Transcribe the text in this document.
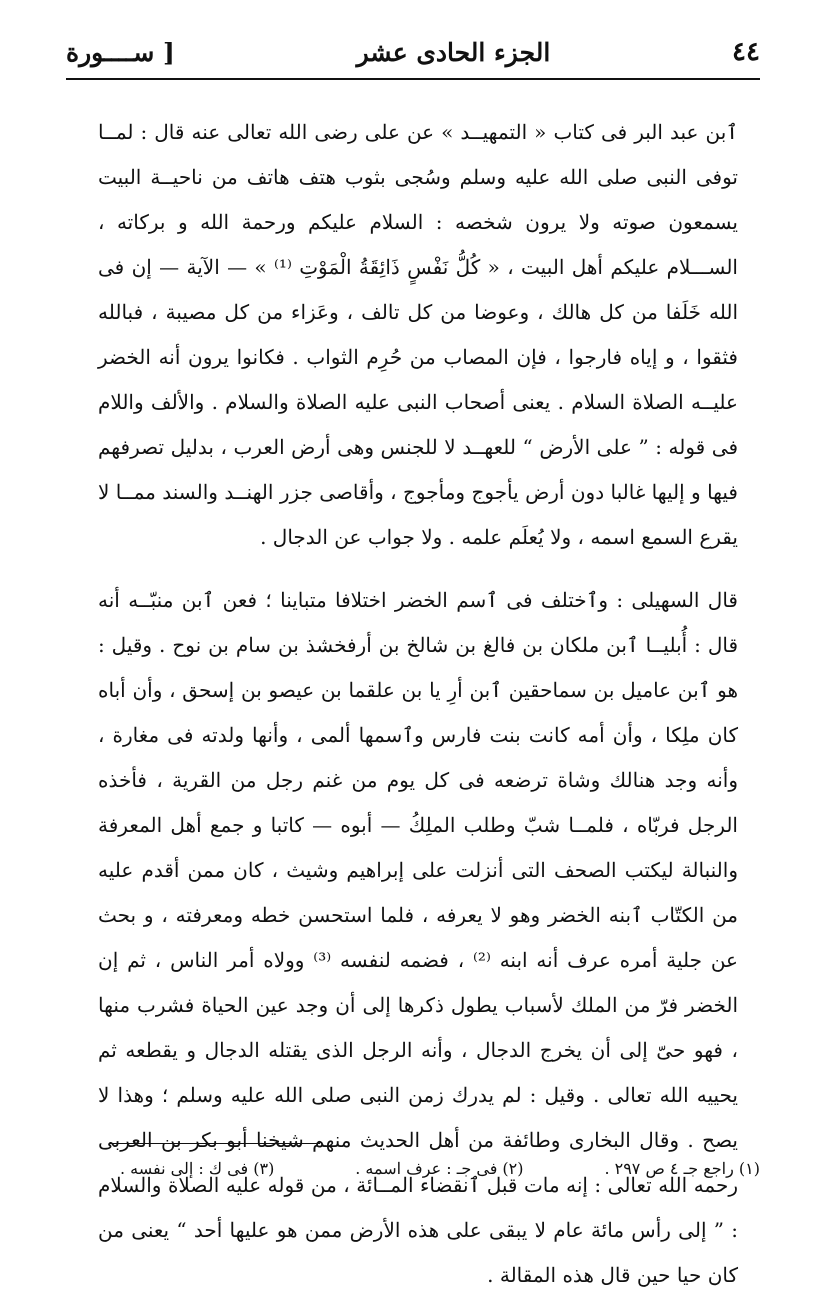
[ ســــورة	الجزء الحادى عشر	٤٤

ٱبن عبد البر فى كتاب « التمهيــد » عن على رضى الله تعالى عنه قال : لمــا توفى النبى صلى الله عليه وسلم وسُجى بثوب هتف هاتف من ناحيــة البيت يسمعون صوته ولا يرون شخصه : السلام عليكم ورحمة الله و بركاته ، الســـلام عليكم أهل البيت ، « كُلُّ نَفْسٍ ذَائِقَةُ الْمَوْتِ ⁽¹⁾ » — الآية — إن فى الله خَلَفا من كل هالك ، وعوضا من كل تالف ، وعَزاء من كل مصيبة ، فبالله فثقوا ، و إياه فارجوا ، فإن المصاب من حُرِم الثواب . فكانوا يرون أنه الخضر عليــه الصلاة السلام . يعنى أصحاب النبى عليه الصلاة والسلام . والألف واللام فى قوله : ” على الأرض “ للعهــد لا للجنس وهى أرض العرب ، بدليل تصرفهم فيها و إليها غالبا دون أرض يأجوج ومأجوج ، وأقاصى جزر الهنــد والسند ممــا لا يقرع السمع اسمه ، ولا يُعلَم علمه . ولا جواب عن الدجال .

قال السهيلى : وٱختلف فى ٱسم الخضر اختلافا متباينا ؛ فعن ٱبن منبّــه أنه قال : أُبليــا ٱبن ملكان بن فالغ بن شالخ بن أرفخشذ بن سام بن نوح . وقيل : هو ٱبن عاميل بن سماحقين ٱبن أرِ يا بن علقما بن عيصو بن إسحق ، وأن أباه كان ملِكا ، وأن أمه كانت بنت فارس وٱسمها ألمى ، وأنها ولدته فى مغارة ، وأنه وجد هنالك وشاة ترضعه فى كل يوم من غنم رجل من القرية ، فأخذه الرجل فربّاه ، فلمــا شبّ وطلب الملِكُ — أبوه — كاتبا و جمع أهل المعرفة والنبالة ليكتب الصحف التى أنزلت على إبراهيم وشيث ، كان ممن أقدم عليه من الكتّاب ٱبنه الخضر وهو لا يعرفه ، فلما استحسن خطه ومعرفته ، و بحث عن جلية أمره عرف أنه ابنه ⁽²⁾ ، فضمه لنفسه ⁽³⁾ وولاه أمر الناس ، ثم إن الخضر فرّ من الملك لأسباب يطول ذكرها إلى أن وجد عين الحياة فشرب منها ، فهو حىّ إلى أن يخرج الدجال ، وأنه الرجل الذى يقتله الدجال و يقطعه ثم يحييه الله تعالى . وقيل : لم يدرك زمن النبى صلى الله عليه وسلم ؛ وهذا لا يصح . وقال البخارى وطائفة من أهل الحديث منهم شيخنا أبو بكر بن العربى رحمه الله تعالى : إنه مات قبل ٱنقضاء المــائة ، من قوله عليه الصلاة والسلام : ” إلى رأس مائة عام لا يبقى على هذه الأرض ممن هو عليها أحد “ يعنى من كان حيا حين قال هذه المقالة .

(١) راجع جـ ٤ ص ٢٩٧ .
(٢) فى جـ : عرف اسمه .
(٣) فى ك : إلى نفسه .
